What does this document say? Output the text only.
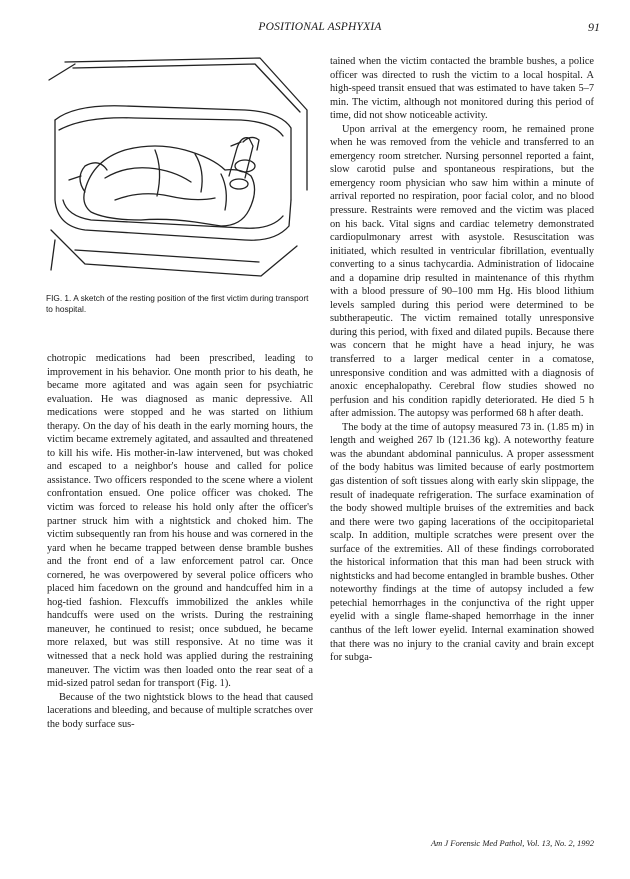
POSITIONAL ASPHYXIA	91
FIG. 1. A sketch of the resting position of the first victim during transport to hospital.

chotropic medications had been prescribed, leading to improvement in his behavior. One month prior to his death, he became more agitated and was again seen for psychiatric evaluation. He was diagnosed as manic depressive. All medications were stopped and he was started on lithium therapy. On the day of his death in the early morning hours, the victim became extremely agitated, and assaulted and threatened to kill his wife. His mother-in-law intervened, but was choked and escaped to a neighbor's house and called for police assistance. Two officers responded to the scene where a violent confrontation ensued. One police officer was choked. The victim was forced to release his hold only after the officer's partner struck him with a nightstick and choked him. The victim subsequently ran from his house and was cornered in the yard when he became trapped between dense bramble bushes and the front end of a law enforcement patrol car. Once cornered, he was overpowered by several police officers who placed him facedown on the ground and handcuffed him in a hog-tied fashion. Flexcuffs immobilized the ankles while handcuffs were used on the wrists. During the restraining maneuver, he continued to resist; once subdued, he became more relaxed, but was still responsive. At no time was it witnessed that a neck hold was applied during the restraining maneuver. The victim was then loaded onto the rear seat of a mid-sized patrol sedan for transport (Fig. 1).

Because of the two nightstick blows to the head that caused lacerations and bleeding, and because of multiple scratches over the body surface sus-

tained when the victim contacted the bramble bushes, a police officer was directed to rush the victim to a local hospital. A high-speed transit ensued that was estimated to have taken 5–7 min. The victim, although not monitored during this period of time, did not show noticeable activity.

Upon arrival at the emergency room, he remained prone when he was removed from the vehicle and transferred to an emergency room stretcher. Nursing personnel reported a faint, slow carotid pulse and spontaneous respirations, but the emergency room physician who saw him within a minute of arrival reported no respiration, poor facial color, and no blood pressure. Restraints were removed and the victim was placed on his back. Vital signs and cardiac telemetry demonstrated cardiopulmonary arrest with asystole. Resuscitation was initiated, which resulted in ventricular fibrillation, eventually converting to a sinus tachycardia. Administration of lidocaine and a dopamine drip resulted in maintenance of this rhythm with a blood pressure of 90–100 mm Hg. His blood lithium levels sampled during this period were determined to be subtherapeutic. The victim remained totally unresponsive during this period, with fixed and dilated pupils. Because there was concern that he might have a head injury, he was transferred to a larger medical center in a comatose, unresponsive condition and was admitted with a diagnosis of anoxic encephalopathy. Cerebral flow studies showed no perfusion and his condition rapidly deteriorated. He died 5 h after admission. The autopsy was performed 68 h after death.

The body at the time of autopsy measured 73 in. (1.85 m) in length and weighed 267 lb (121.36 kg). A noteworthy feature was the abundant abdominal panniculus. A proper assessment of the body habitus was limited because of early postmortem gas distention of soft tissues along with early skin slippage, the result of inadequate refrigeration. The surface examination of the body showed multiple bruises of the extremities and back and there were two gaping lacerations of the occipitoparietal scalp. In addition, multiple scratches were present over the surface of the extremities. All of these findings corroborated the historical information that this man had been struck with nightsticks and had become entangled in bramble bushes. Other noteworthy findings at the time of autopsy included a few petechial hemorrhages in the conjunctiva of the right upper eyelid with a single flame-shaped hemorrhage in the inner canthus of the left lower eyelid. Internal examination showed that there was no injury to the cranial cavity and brain except for subga-

Am J Forensic Med Pathol, Vol. 13, No. 2, 1992
